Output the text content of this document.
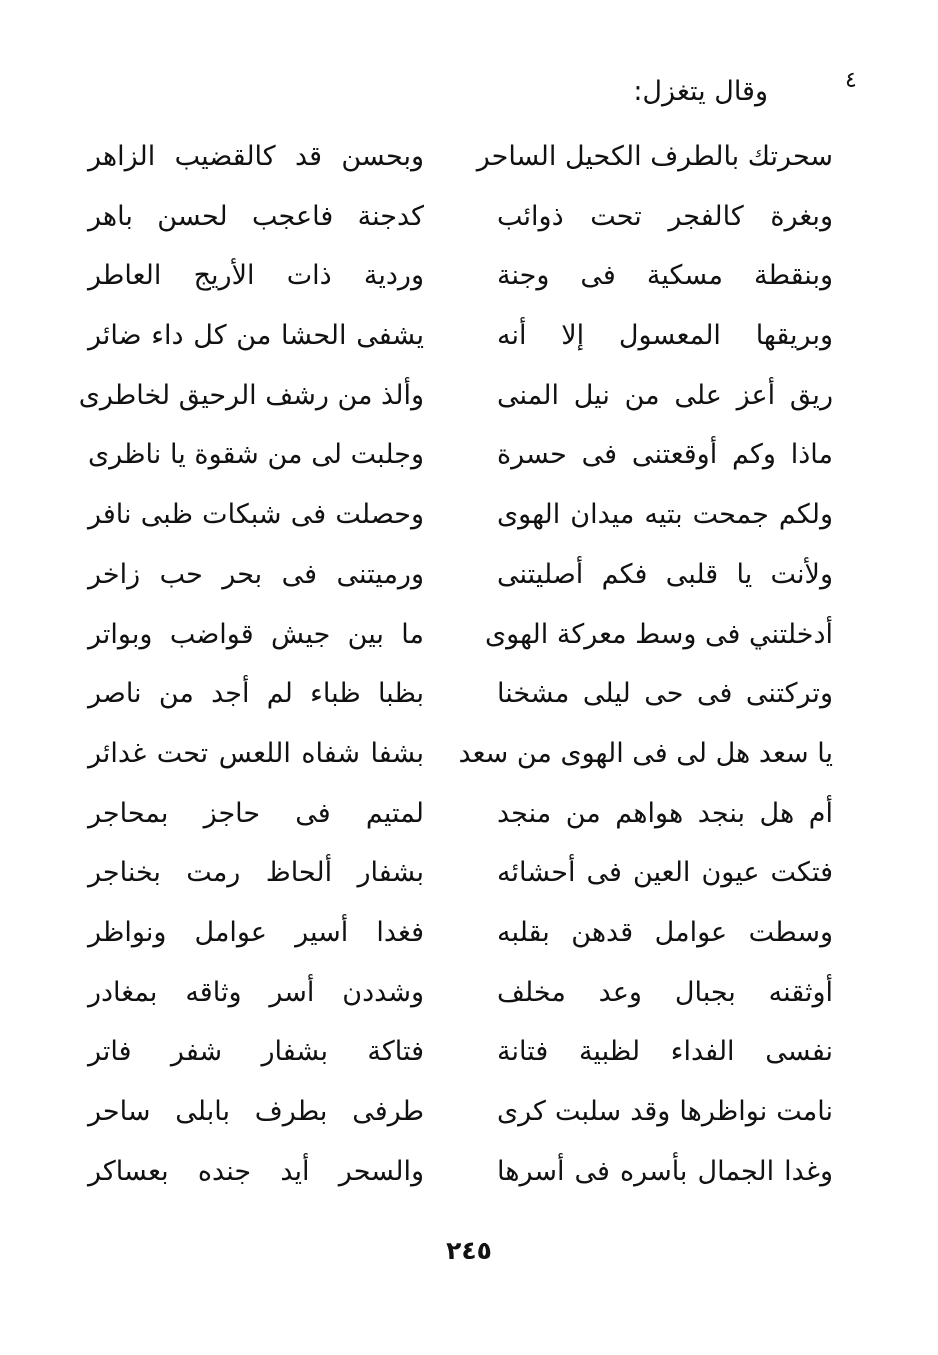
٤
وقال يتغزل:
سحرتك بالطرف الكحيل الساحر
وبحسن قد كالقضيب الزاهر
وبغرة كالفجر تحت ذوائب
كدجنة فاعجب لحسن باهر
وبنقطة مسكية فى وجنة
وردية ذات الأريج العاطر
وبريقها المعسول إلا أنه
يشفى الحشا من كل داء ضائر
ريق أعز على من نيل المنى
وألذ من رشف الرحيق لخاطرى
ماذا وكم أوقعتنى فى حسرة
وجلبت لى من شقوة يا ناظرى
ولكم جمحت بتيه ميدان الهوى
وحصلت فى شبكات ظبى نافر
ولأنت يا قلبى فكم أصليتنى
ورميتنى فى بحر حب زاخر
أدخلتني فى وسط معركة الهوى
ما بين جيش قواضب وبواتر
وتركتنى فى حى ليلى مشخنا
بظبا ظباء لم أجد من ناصر
يا سعد هل لى فى الهوى من سعد
بشفا شفاه اللعس تحت غدائر
أم هل بنجد هواهم من منجد
لمتيم فى حاجز بمحاجر
فتكت عيون العين فى أحشائه
بشفار ألحاظ رمت بخناجر
وسطت عوامل قدهن بقلبه
فغدا أسير عوامل ونواظر
أوثقنه بجبال وعد مخلف
وشددن أسر وثاقه بمغادر
نفسى الفداء لظبية فتانة
فتاكة بشفار شفر فاتر
نامت نواظرها وقد سلبت كرى
طرفى بطرف بابلى ساحر
وغدا الجمال بأسره فى أسرها
والسحر أيد جنده بعساكر
٢٤٥
